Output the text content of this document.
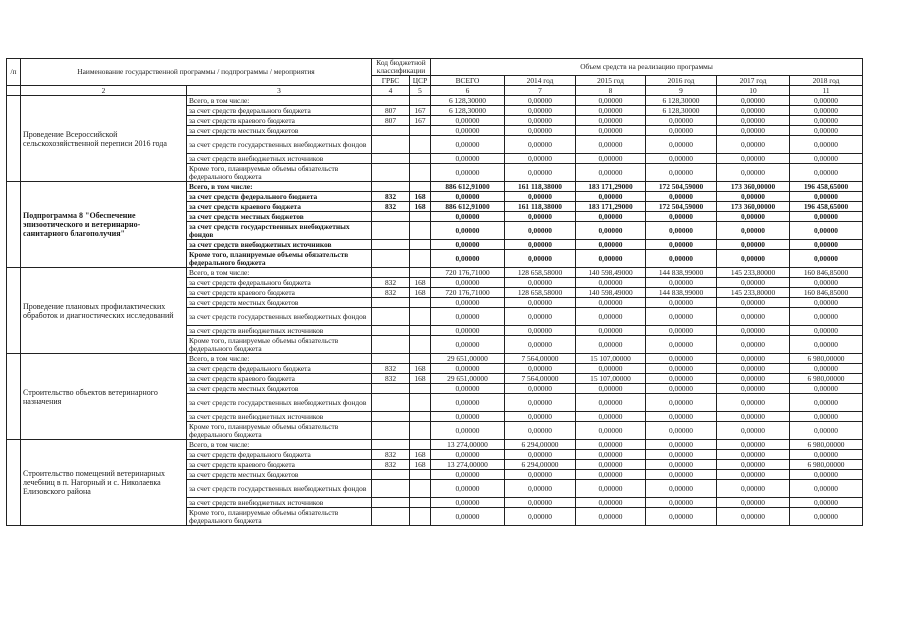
/п	Наименование государственной программы / подпрограммы / мероприятия		Код бюджетной классификации		Объем средств на реализацию программы					
			ГРБС	ЦСР	ВСЕГО	2014 год	2015 год	2016 год	2017 год	2018 год
	2	3	4	5	6	7	8	9	10	11
	Проведение Всероссийской сельскохозяйственной переписи 2016 года	Всего, в том числе:			6 128,30000	0,00000	0,00000	6 128,30000	0,00000	0,00000
		за счет средств федерального бюджета	807	167	6 128,30000	0,00000	0,00000	6 128,30000	0,00000	0,00000
		за счет средств краевого бюджета	807	167	0,00000	0,00000	0,00000	0,00000	0,00000	0,00000
		за счет средств местных бюджетов			0,00000	0,00000	0,00000	0,00000	0,00000	0,00000
		за счет средств государственных внебюджетных фондов			0,00000	0,00000	0,00000	0,00000	0,00000	0,00000
		за счет средств внебюджетных источников			0,00000	0,00000	0,00000	0,00000	0,00000	0,00000
		Кроме того, планируемые объемы обязательств федерального бюджета			0,00000	0,00000	0,00000	0,00000	0,00000	0,00000
	Подпрограмма 8 "Обеспечение эпизоотического и ветеринарно-санитарного благополучия"	Всего, в том числе:			886 612,91000	161 118,38000	183 171,29000	172 504,59000	173 360,00000	196 458,65000
		за счет средств федерального бюджета	832	168	0,00000	0,00000	0,00000	0,00000	0,00000	0,00000
		за счет средств краевого бюджета	832	168	886 612,91000	161 118,38000	183 171,29000	172 504,59000	173 360,00000	196 458,65000
		за счет средств местных бюджетов			0,00000	0,00000	0,00000	0,00000	0,00000	0,00000
		за счет средств государственных внебюджетных фондов			0,00000	0,00000	0,00000	0,00000	0,00000	0,00000
		за счет средств внебюджетных источников			0,00000	0,00000	0,00000	0,00000	0,00000	0,00000
		Кроме того, планируемые объемы обязательств федерального бюджета			0,00000	0,00000	0,00000	0,00000	0,00000	0,00000
	Проведение плановых профилактических обработок и диагностических исследований	Всего, в том числе:			720 176,71000	128 658,58000	140 598,49000	144 838,99000	145 233,80000	160 846,85000
		за счет средств федерального бюджета	832	168	0,00000	0,00000	0,00000	0,00000	0,00000	0,00000
		за счет средств краевого бюджета	832	168	720 176,71000	128 658,58000	140 598,49000	144 838,99000	145 233,80000	160 846,85000
		за счет средств местных бюджетов			0,00000	0,00000	0,00000	0,00000	0,00000	0,00000
		за счет средств государственных внебюджетных фондов			0,00000	0,00000	0,00000	0,00000	0,00000	0,00000
		за счет средств внебюджетных источников			0,00000	0,00000	0,00000	0,00000	0,00000	0,00000
		Кроме того, планируемые объемы обязательств федерального бюджета			0,00000	0,00000	0,00000	0,00000	0,00000	0,00000
	Строительство объектов ветеринарного назначения	Всего, в том числе:			29 651,00000	7 564,00000	15 107,00000	0,00000	0,00000	6 980,00000
		за счет средств федерального бюджета	832	168	0,00000	0,00000	0,00000	0,00000	0,00000	0,00000
		за счет средств краевого бюджета	832	168	29 651,00000	7 564,00000	15 107,00000	0,00000	0,00000	6 980,00000
		за счет средств местных бюджетов			0,00000	0,00000	0,00000	0,00000	0,00000	0,00000
		за счет средств государственных внебюджетных фондов			0,00000	0,00000	0,00000	0,00000	0,00000	0,00000
		за счет средств внебюджетных источников			0,00000	0,00000	0,00000	0,00000	0,00000	0,00000
		Кроме того, планируемые объемы обязательств федерального бюджета			0,00000	0,00000	0,00000	0,00000	0,00000	0,00000
	Строительство помещений ветеринарных лечебниц в п. Нагорный и с. Николаевка Елизовского района	Всего, в том числе:			13 274,00000	6 294,00000	0,00000	0,00000	0,00000	6 980,00000
		за счет средств федерального бюджета	832	168	0,00000	0,00000	0,00000	0,00000	0,00000	0,00000
		за счет средств краевого бюджета	832	168	13 274,00000	6 294,00000	0,00000	0,00000	0,00000	6 980,00000
		за счет средств местных бюджетов			0,00000	0,00000	0,00000	0,00000	0,00000	0,00000
		за счет средств государственных внебюджетных фондов			0,00000	0,00000	0,00000	0,00000	0,00000	0,00000
		за счет средств внебюджетных источников			0,00000	0,00000	0,00000	0,00000	0,00000	0,00000
		Кроме того, планируемые объемы обязательств федерального бюджета			0,00000	0,00000	0,00000	0,00000	0,00000	0,00000
